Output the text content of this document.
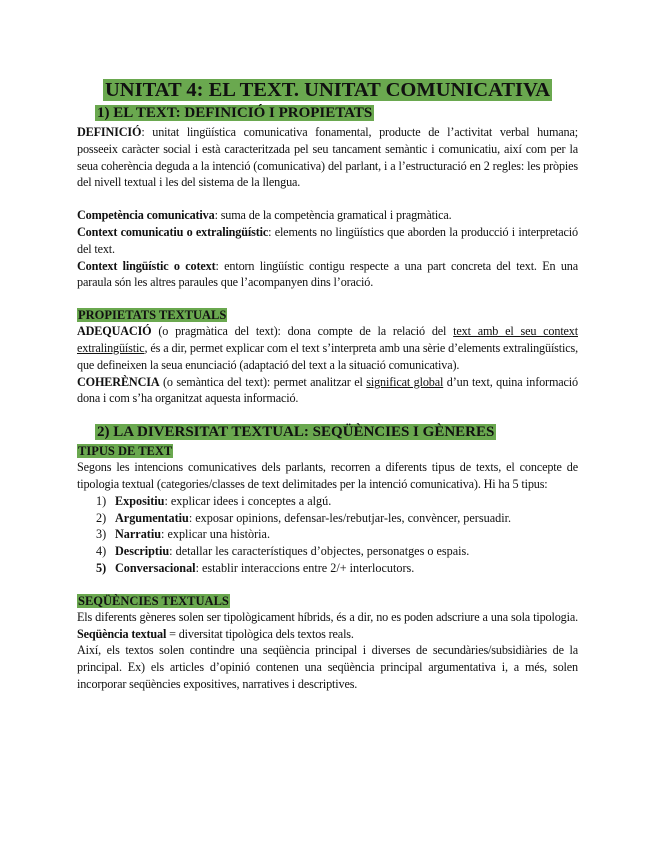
UNITAT 4: EL TEXT. UNITAT COMUNICATIVA
1) EL TEXT: DEFINICIÓ I PROPIETATS

DEFINICIÓ: unitat lingüística comunicativa fonamental, producte de l’activitat verbal humana; posseeix caràcter social i està caracteritzada pel seu tancament semàntic i comunicatiu, així com per la seua coherència deguda a la intenció (comunicativa) del parlant, i a l’estructuració en 2 regles: les pròpies del nivell textual i les del sistema de la llengua.

Competència comunicativa: suma de la competència gramatical i pragmàtica.

Context comunicatiu o extralingüístic: elements no lingüístics que aborden la producció i interpretació del text.

Context lingüístic o cotext: entorn lingüístic contigu respecte a una part concreta del text. En una paraula són les altres paraules que l’acompanyen dins l’oració.

PROPIETATS TEXTUALS

ADEQUACIÓ (o pragmàtica del text): dona compte de la relació del text amb el seu context extralingüístic, és a dir, permet explicar com el text s’interpreta amb una sèrie d’elements extralingüístics, que defineixen la seua enunciació (adaptació del text a la situació comunicativa).

COHERÈNCIA (o semàntica del text): permet analitzar el significat global d’un text, quina informació dona i com s’ha organitzat aquesta informació.

2) LA DIVERSITAT TEXTUAL: SEQÜÈNCIES I GÈNERES
TIPUS DE TEXT

Segons les intencions comunicatives dels parlants, recorren a diferents tipus de texts, el concepte de tipologia textual (categories/classes de text delimitades per la intenció comunicativa). Hi ha 5 tipus:

1) Expositiu: explicar idees i conceptes a algú.
2) Argumentatiu: exposar opinions, defensar-les/rebutjar-les, convèncer, persuadir.
3) Narratiu: explicar una història.
4) Descriptiu: detallar les característiques d’objectes, personatges o espais.
5) Conversacional: establir interaccions entre 2/+ interlocutors.
SEQÜÈNCIES TEXTUALS

Els diferents gèneres solen ser tipològicament híbrids, és a dir, no es poden adscriure a una sola tipologia. Seqüència textual = diversitat tipològica dels textos reals.

Així, els textos solen contindre una seqüència principal i diverses de secundàries/subsidiàries de la principal. Ex) els articles d’opinió contenen una seqüència principal argumentativa i, a més, solen incorporar seqüències expositives, narratives i descriptives.
